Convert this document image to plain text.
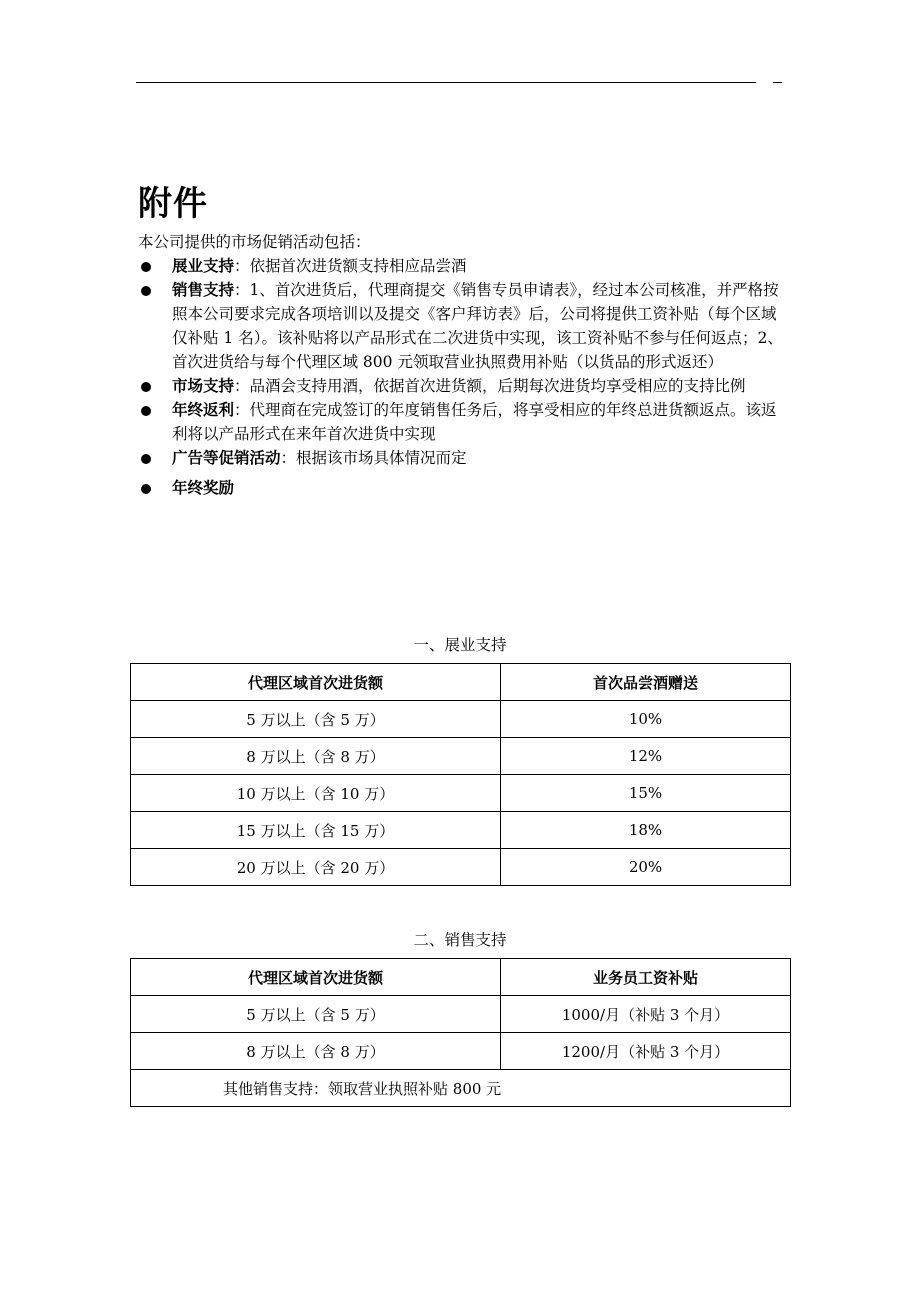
附件
本公司提供的市场促销活动包括：
展业支持：依据首次进货额支持相应品尝酒
销售支持：1、首次进货后，代理商提交《销售专员申请表》，经过本公司核准，并严格按照本公司要求完成各项培训以及提交《客户拜访表》后，公司将提供工资补贴（每个区域仅补贴 1 名）。该补贴将以产品形式在二次进货中实现，该工资补贴不参与任何返点；2、首次进货给与每个代理区域 800 元领取营业执照费用补贴（以货品的形式返还）
市场支持：品酒会支持用酒，依据首次进货额，后期每次进货均享受相应的支持比例
年终返利：代理商在完成签订的年度销售任务后，将享受相应的年终总进货额返点。该返利将以产品形式在来年首次进货中实现
广告等促销活动：根据该市场具体情况而定
年终奖励
一、展业支持
代理区域首次进货额	首次品尝酒赠送
5 万以上（含 5 万）	10%
8 万以上（含 8 万）	12%
10 万以上（含 10 万）	15%
15 万以上（含 15 万）	18%
20 万以上（含 20 万）	20%
二、销售支持
代理区域首次进货额	业务员工资补贴
5 万以上（含 5 万）	1000/月（补贴 3 个月）
8 万以上（含 8 万）	1200/月（补贴 3 个月）
其他销售支持：领取营业执照补贴 800 元	
